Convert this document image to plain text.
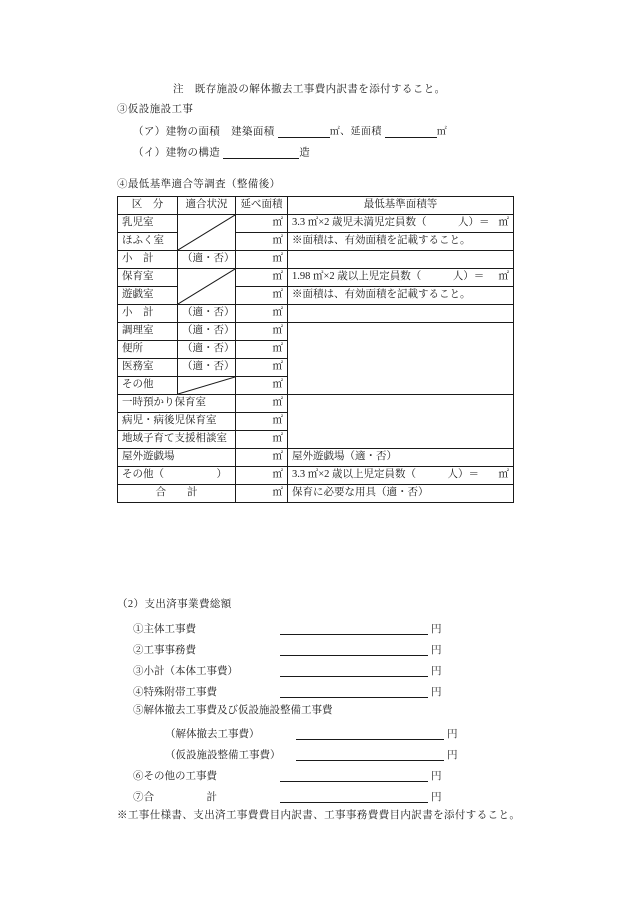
注　既存施設の解体撤去工事費内訳書を添付すること。
③仮設施設工事
（ア）建物の面積　建築面積	㎡、延面積	㎡
（イ）建物の構造	造
④最低基準適合等調査（整備後）
区　分	適合状況	延べ面積	最低基準面積等
乳児室		㎡	3.3 ㎡×2 歳児未満児定員数（　　　人）＝ ㎡

ほふく室		㎡	※面積は、有効面積を記載すること。
小　計	（適・否）	㎡	
保育室		㎡	1.98 ㎡×2 歳以上児定員数（　　　人）＝ ㎡

遊戯室		㎡	※面積は、有効面積を記載すること。
小　計	（適・否）	㎡	
調理室	（適・否）	㎡	
便所	（適・否）	㎡	
医務室	（適・否）	㎡	
その他		㎡	
一時預かり保育室		㎡	
病児・病後児保育室		㎡	
地域子育て支援相談室		㎡	
屋外遊戯場		㎡	屋外遊戯場（適・否）
その他（　　　　　）		㎡	3.3 ㎡×2 歳以上児定員数（　　　人）＝ ㎡

合　　計		㎡	保育に必要な用具（適・否）
（2）支出済事業費総額
①主体工事費	円
②工事事務費	円
③小計（本体工事費）	円
④特殊附帯工事費	円
⑤解体撤去工事費及び仮設施設整備工事費
（解体撤去工事費）	円
（仮設施設整備工事費）	円
⑥その他の工事費	円
⑦合　　　　　計	円
※工事仕様書、支出済工事費費目内訳書、工事事務費費目内訳書を添付すること。
